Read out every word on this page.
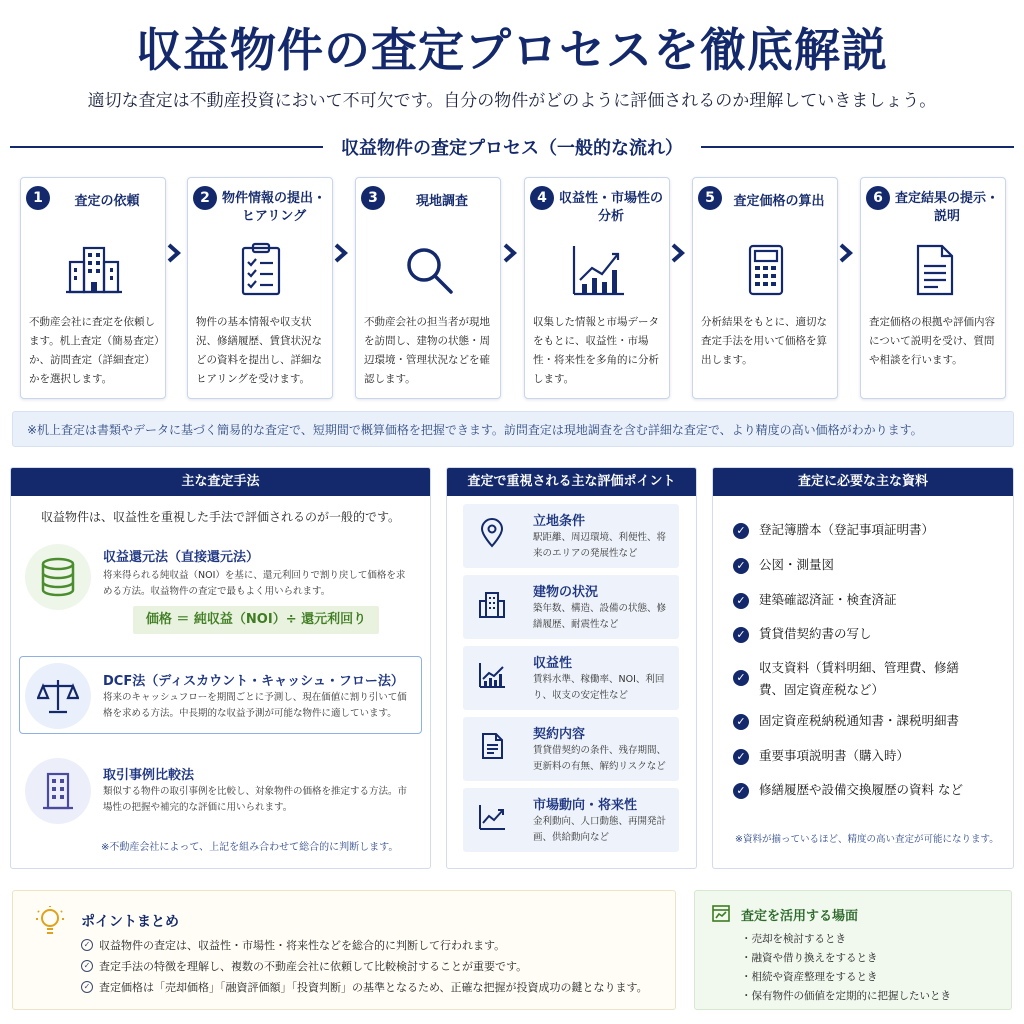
収益物件の査定プロセスを徹底解説
適切な査定は不動産投資において不可欠です。自分の物件がどのように評価されるのか理解していきましょう。
収益物件の査定プロセス（一般的な流れ）
1	査定の依頼
不動産会社に査定を依頼します。机上査定（簡易査定）か、訪問査定（詳細査定）かを選択します。
2 物件情報の提出・ヒアリング
物件の基本情報や収支状況、修繕履歴、賃貸状況などの資料を提出し、詳細なヒアリングを受けます。
3	現地調査
不動産会社の担当者が現地を訪問し、建物の状態・周辺環境・管理状況などを確認します。
4 収益性・市場性の分析
収集した情報と市場データをもとに、収益性・市場性・将来性を多角的に分析します。
5	査定価格の算出
分析結果をもとに、適切な査定手法を用いて価格を算出します。
6 査定結果の提示・説明
査定価格の根拠や評価内容について説明を受け、質問や相談を行います。
※机上査定は書類やデータに基づく簡易的な査定で、短期間で概算価格を把握できます。訪問査定は現地調査を含む詳細な査定で、より精度の高い価格がわかります。
主な査定手法
収益物件は、収益性を重視した手法で評価されるのが一般的です。
収益還元法（直接還元法）
将来得られる純収益（NOI）を基に、還元利回りで割り戻して価格を求める方法。収益物件の査定で最もよく用いられます。
価格 ＝ 純収益（NOI）÷ 還元利回り
DCF法（ディスカウント・キャッシュ・フロー法）
将来のキャッシュフローを期間ごとに予測し、現在価値に割り引いて価格を求める方法。中長期的な収益予測が可能な物件に適しています。
取引事例比較法
類似する物件の取引事例を比較し、対象物件の価格を推定する方法。市場性の把握や補完的な評価に用いられます。
※不動産会社によって、上記を組み合わせて総合的に判断します。
査定で重視される主な評価ポイント
立地条件
駅距離、周辺環境、利便性、将来のエリアの発展性など
建物の状況
築年数、構造、設備の状態、修繕履歴、耐震性など
収益性
賃料水準、稼働率、NOI、利回り、収支の安定性など
契約内容
賃貸借契約の条件、残存期間、更新料の有無、解約リスクなど
市場動向・将来性
金利動向、人口動態、再開発計画、供給動向など
査定に必要な主な資料
✓ 登記簿謄本（登記事項証明書）
✓ 公図・測量図
✓ 建築確認済証・検査済証
✓ 賃貸借契約書の写し
✓
収支資料（賃料明細、管理費、修繕費、固定資産税など）
✓ 固定資産税納税通知書・課税明細書
✓ 重要事項説明書（購入時）
✓ 修繕履歴や設備交換履歴の資料 など
※資料が揃っているほど、精度の高い査定が可能になります。
ポイントまとめ
✓ 収益物件の査定は、収益性・市場性・将来性などを総合的に判断して行われます。
✓ 査定手法の特徴を理解し、複数の不動産会社に依頼して比較検討することが重要です。
✓ 査定価格は「売却価格」「融資評価額」「投資判断」の基準となるため、正確な把握が投資成功の鍵となります。
査定を活用する場面
・売却を検討するとき
・融資や借り換えをするとき
・相続や資産整理をするとき
・保有物件の価値を定期的に把握したいとき
